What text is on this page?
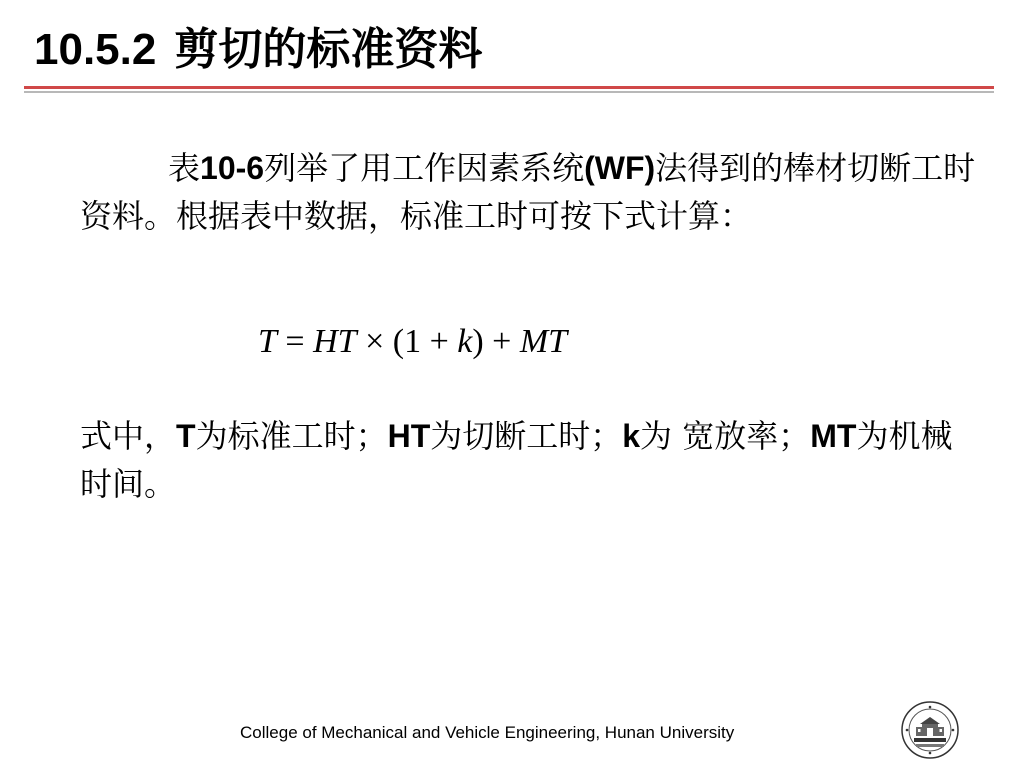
10.5.2 剪切的标准资料
表10-6列举了用工作因素系统(WF)法得到的棒材切断工时资料。根据表中数据，标准工时可按下式计算：
T = HT × (1 + k) + MT
式中，T为标准工时；HT为切断工时；k为 宽放率；MT为机械时间。
College of Mechanical and Vehicle Engineering, Hunan University
